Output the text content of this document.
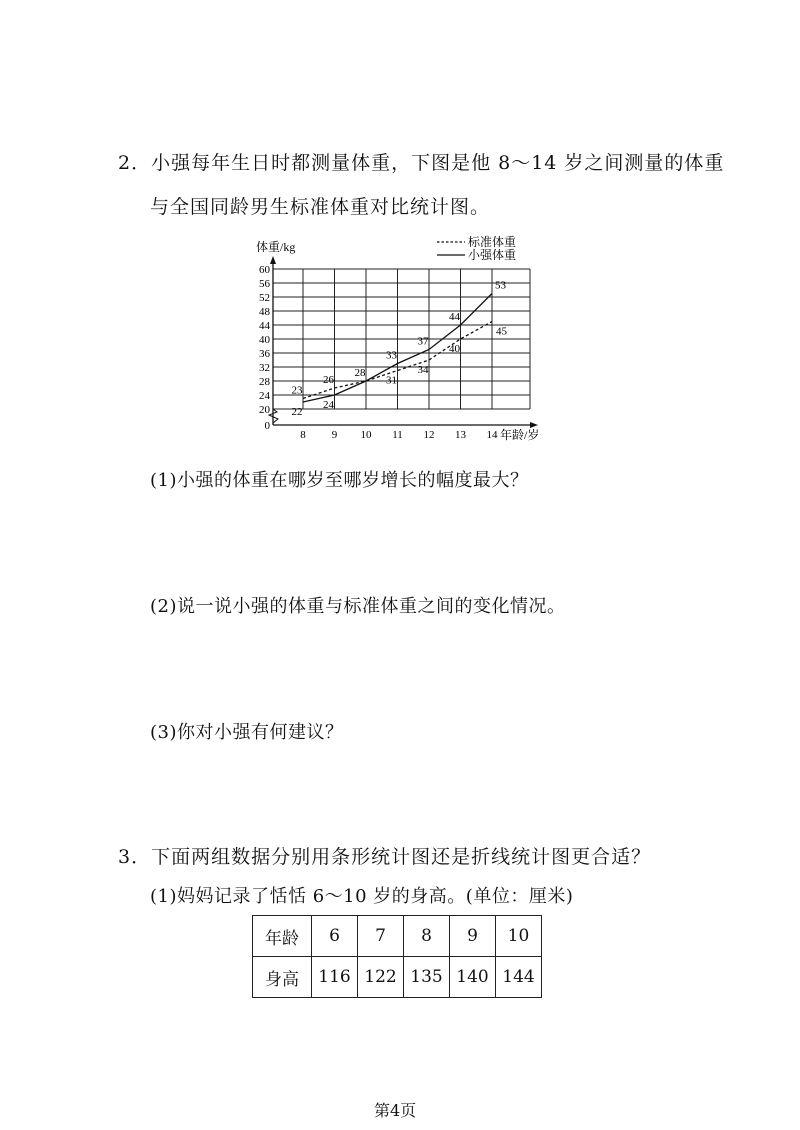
2．小强每年生日时都测量体重，下图是他 8～14 岁之间测量的体重
与全国同龄男生标准体重对比统计图。
0
20
24
28
32
36
40
44
48
52
56
60
8 9 10 11 12 13 14
23
26
28
31
34
40
45
22
24
33
37
44
53
标准体重
小强体重
体重/kg
年龄/岁
(1)小强的体重在哪岁至哪岁增长的幅度最大？
(2)说一说小强的体重与标准体重之间的变化情况。
(3)你对小强有何建议？
3．下面两组数据分别用条形统计图还是折线统计图更合适？
(1)妈妈记录了恬恬 6～10 岁的身高。(单位：厘米)
年龄	6	7	8	9	10
身高	116	122	135	140	144
第4页
